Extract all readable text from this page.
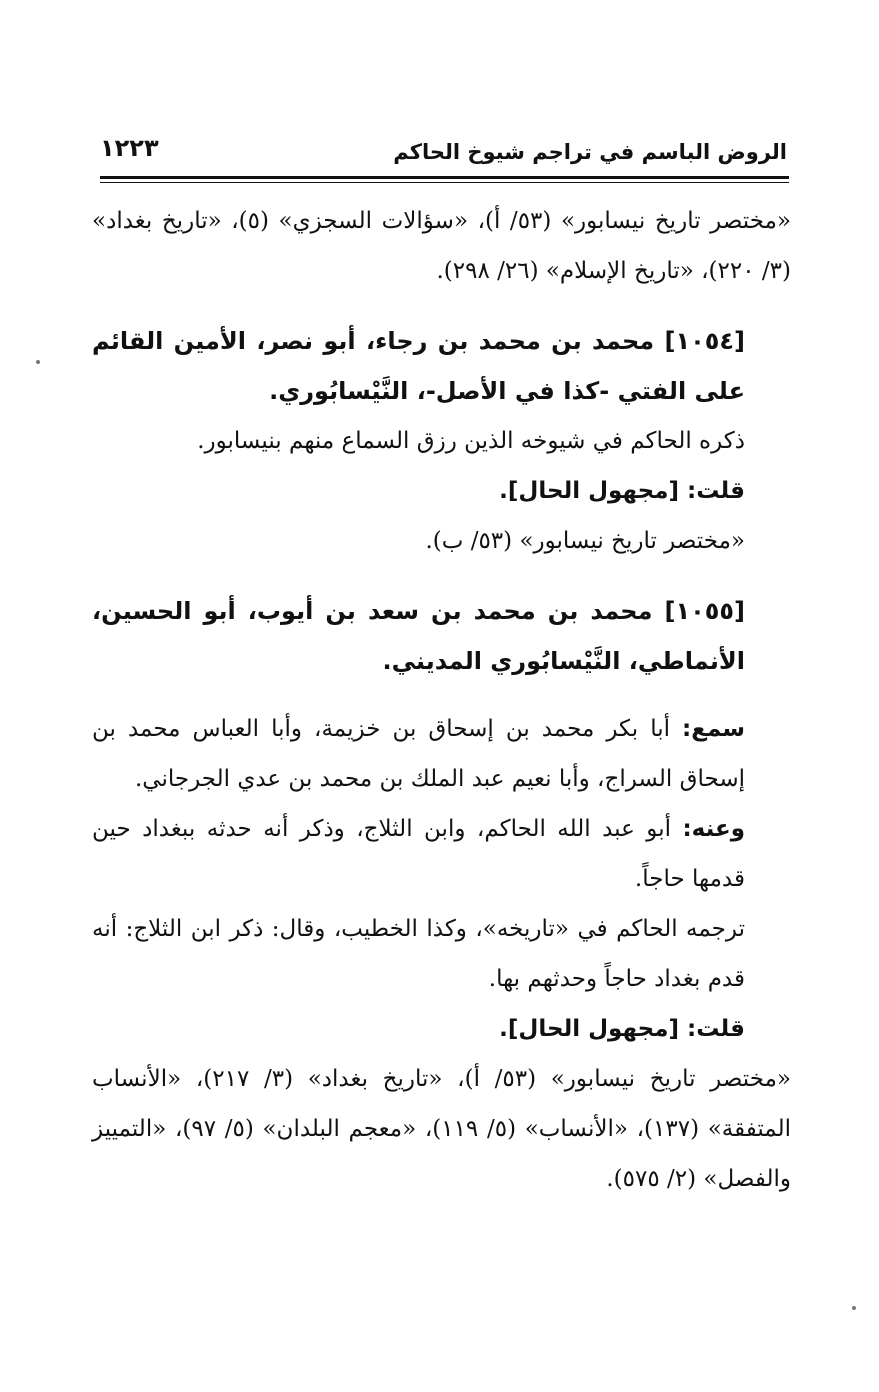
الروض الباسم في تراجم شيوخ الحاكم
١٢٢٣

«مختصر تاريخ نيسابور» (٥٣/ أ)، «سؤالات السجزي» (٥)، «تاريخ بغداد» (٣/ ٢٢٠)، «تاريخ الإسلام» (٢٦/ ٢٩٨).

[١٠٥٤] محمد بن محمد بن رجاء، أبو نصر، الأمين القائم على الفتي -كذا في الأصل-، النَّيْسابُوري.

ذكره الحاكم في شيوخه الذين رزق السماع منهم بنيسابور.

قلت: [مجهول الحال].

«مختصر تاريخ نيسابور» (٥٣/ ب).

[١٠٥٥] محمد بن محمد بن سعد بن أيوب، أبو الحسين، الأنماطي، النَّيْسابُوري المديني.

سمع: أبا بكر محمد بن إسحاق بن خزيمة، وأبا العباس محمد بن إسحاق السراج، وأبا نعيم عبد الملك بن محمد بن عدي الجرجاني.

وعنه: أبو عبد الله الحاكم، وابن الثلاج، وذكر أنه حدثه ببغداد حين قدمها حاجاً.

ترجمه الحاكم في «تاريخه»، وكذا الخطيب، وقال: ذكر ابن الثلاج: أنه قدم بغداد حاجاً وحدثهم بها.

قلت: [مجهول الحال].

«مختصر تاريخ نيسابور» (٥٣/ أ)، «تاريخ بغداد» (٣/ ٢١٧)، «الأنساب المتفقة» (١٣٧)، «الأنساب» (٥/ ١١٩)، «معجم البلدان» (٥/ ٩٧)، «التمييز والفصل» (٢/ ٥٧٥).
